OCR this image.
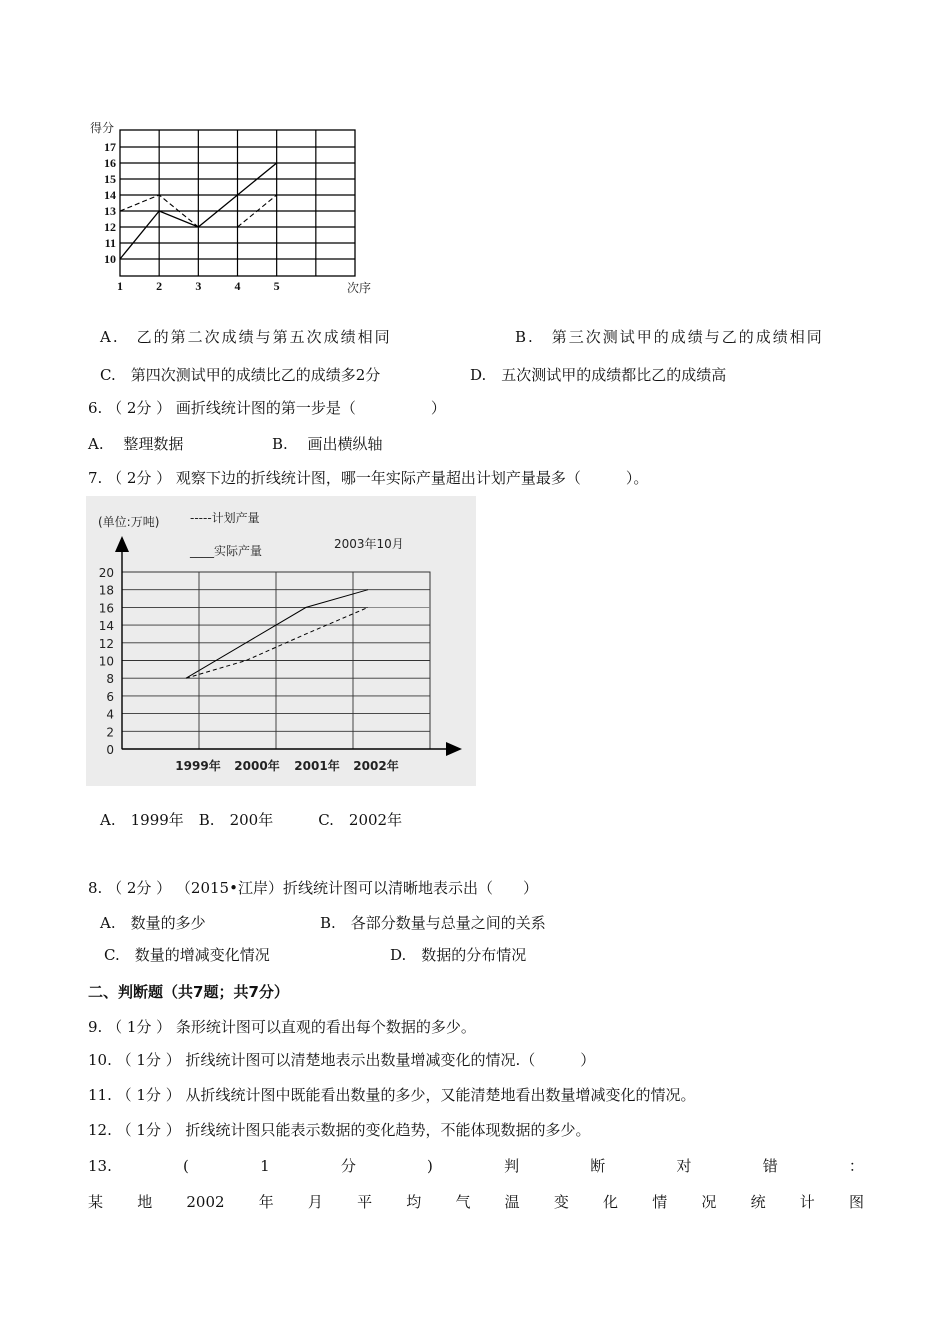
得分
10
11
12
13
14
15
16
17
1	2	3	4	5	次序
A.　乙的第二次成绩与第五次成绩相同	B.　第三次测试甲的成绩与乙的成绩相同
C.　第四次测试甲的成绩比乙的成绩多2分	D.　五次测试甲的成绩都比乙的成绩高
6. （ 2分 ） 画折线统计图的第一步是（　　　　　）
A.　 整理数据	B.　 画出横纵轴
7. （ 2分 ） 观察下边的折线统计图，哪一年实际产量超出计划产量最多（　　　）。
(单位:万吨)	-----计划产量
____实际产量	2003年10月
0
2
4
6
8
10
12
14
16
18
20
1999年 2000年 2001年 2002年
A.　1999年　B.　200年　　　C.　2002年
8. （ 2分 ） （2015•江岸）折线统计图可以清晰地表示出（　　）
A.　数量的多少	B.　各部分数量与总量之间的关系
C.　数量的增减变化情况	D.　数据的分布情况
二、判断题（共7题；共7分）
9. （ 1分 ） 条形统计图可以直观的看出每个数据的多少。
10. （ 1分 ） 折线统计图可以清楚地表示出数量增减变化的情况.（　　　）
11. （ 1分 ） 从折线统计图中既能看出数量的多少，又能清楚地看出数量增减变化的情况。
12. （ 1分 ） 折线统计图只能表示数据的变化趋势，不能体现数据的多少。
13.	(	1	分	)	判	断	对	错	：
某 地 2002 年 月 平 均 气 温 变 化 情 况 统 计 图
